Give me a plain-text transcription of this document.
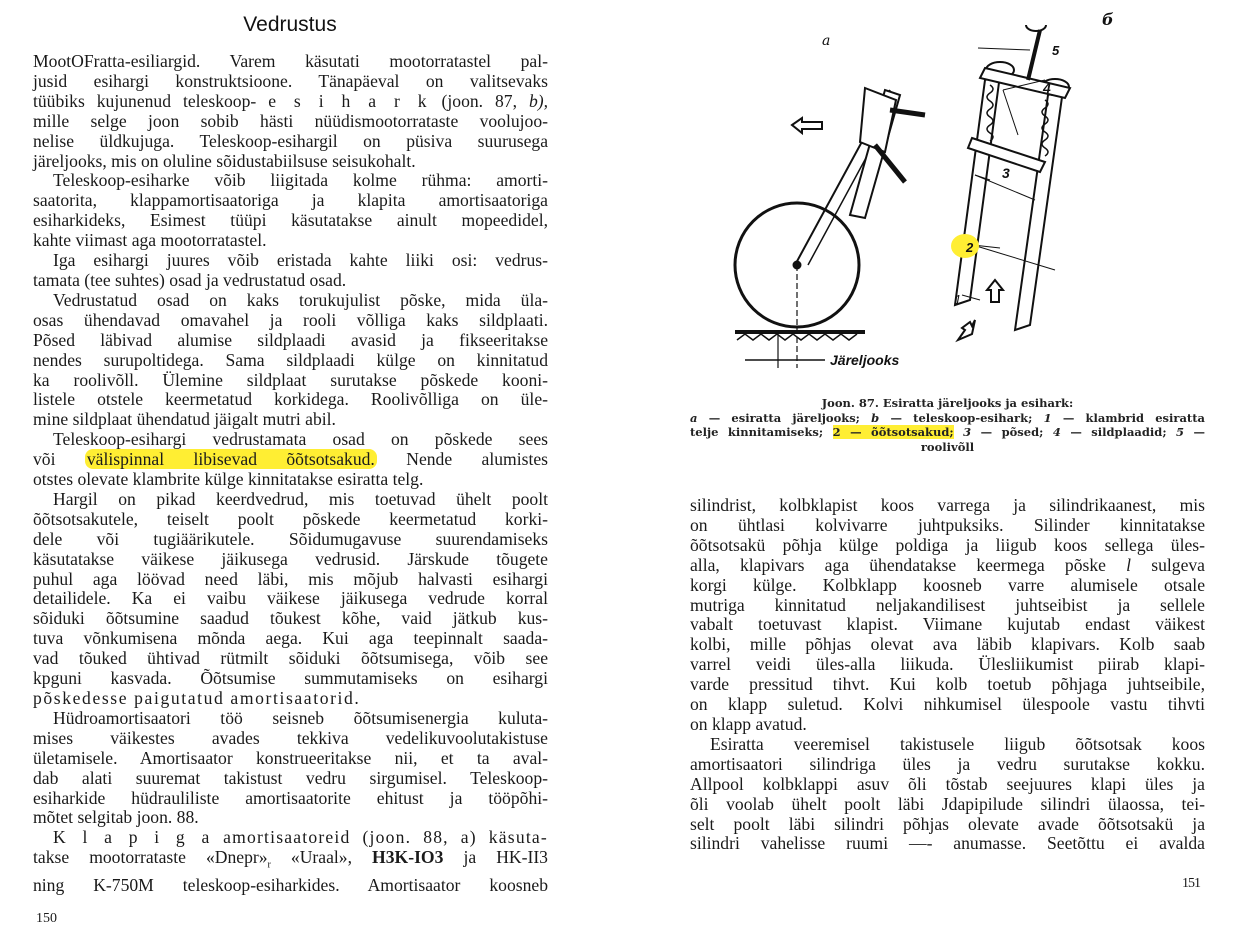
Vedrustus
MootOFratta-esiliargid. Varem käsutati mootorratastel pal-
jusid esihargi konstruktsioone. Tänapäeval on valitsevaks
tüübiks kujunenud teleskoop- e s i h a r k (joon. 87, b),
mille selge joon sobib hästi nüüdismootorrataste voolujoo-
nelise üldkujuga. Teleskoop-esihargil on püsiva suurusega
järeljooks, mis on oluline sõidustabiilsuse seisukohalt.
Teleskoop-esiharke võib liigitada kolme rühma: amorti-
saatorita, klappamortisaatoriga ja klapita amortisaatoriga
esiharkideks, Esimest tüüpi käsutatakse ainult mopeedidel,
kahte viimast aga mootorratastel.
Iga esihargi juures võib eristada kahte liiki osi: vedrus-
tamata (tee suhtes) osad ja vedrustatud osad.
Vedrustatud osad on kaks torukujulist põske, mida üla-
osas ühendavad omavahel ja rooli võlliga kaks sildplaati.
Põsed läbivad alumise sildplaadi avasid ja fikseeritakse
nendes surupoltidega. Sama sildplaadi külge on kinnitatud
ka roolivõll. Ülemine sildplaat surutakse põskede kooni-
listele otstele keermetatud korkidega. Roolivõlliga on üle-
mine sildplaat ühendatud jäigalt mutri abil.
Teleskoop-esihargi vedrustamata osad on põskede sees
või välispinnal libisevad õõtsotsakud. Nende alumistes
otstes olevate klambrite külge kinnitatakse esiratta telg.
Hargil on pikad keerdvedrud, mis toetuvad ühelt poolt
õõtsotsakutele, teiselt poolt põskede keermetatud korki-
dele või tugiäärikutele. Sõidumugavuse suurendamiseks
käsutatakse väikese jäikusega vedrusid. Järskude tõugete
puhul aga löövad need läbi, mis mõjub halvasti esihargi
detailidele. Ka ei vaibu väikese jäikusega vedrude korral
sõiduki õõtsumine saadud tõukest kõhe, vaid jätkub kus-
tuva võnkumisena mõnda aega. Kui aga teepinnalt saada-
vad tõuked ühtivad rütmilt sõiduki õõtsumisega, võib see
kpguni kasvada. Õõtsumise summutamiseks on esihargi
põskedesse paigutatud amortisaatorid.
Hüdroamortisaatori töö seisneb õõtsumisenergia kuluta-
mises väikestes avades tekkiva vedelikuvoolutakistuse
ületamisele. Amortisaator konstrueeritakse nii, et ta aval-
dab alati suuremat takistust vedru sirgumisel. Teleskoop-
esiharkide hüdrauliliste amortisaatorite ehitust ja tööpõhi-
mõtet selgitab joon. 88.
K l a p i g a amortisaatoreid (joon. 88, a) käsuta-
takse mootorrataste «$Dnepr»_r$ «Uraal», H3K-IO3 ja HK-II3
ning K-750M teleskoop-esiharkides. Amortisaator koosneb
150
a
Järeljooks
б
1
2
3
4
5
Joon. 87. Esiratta järeljooks ja esihark:
a — esiratta järeljooks; b — teleskoop-esihark; 1 — klambrid esiratta
telje kinnitamiseks; 2 — õõtsotsakud; 3 — põsed; 4 — sildplaadid; 5 —
roolivõll
silindrist, kolbklapist koos varrega ja silindrikaanest, mis
on ühtlasi kolvivarre juhtpuksiks. Silinder kinnitatakse
õõtsotsakü põhja külge poldiga ja liigub koos sellega üles-
alla, klapivars aga ühendatakse keermega põske l sulgeva
korgi külge. Kolbklapp koosneb varre alumisele otsale
mutriga kinnitatud neljakandilisest juhtseibist ja sellele
vabalt toetuvast klapist. Viimane kujutab endast väikest
kolbi, mille põhjas olevat ava läbib klapivars. Kolb saab
varrel veidi üles-alla liikuda. Ülesliikumist piirab klapi-
varde pressitud tihvt. Kui kolb toetub põhjaga juhtseibile,
on klapp suletud. Kolvi nihkumisel ülespoole vastu tihvti
on klapp avatud.
Esiratta veeremisel takistusele liigub õõtsotsak koos
amortisaatori silindriga üles ja vedru surutakse kokku.
Allpool kolbklappi asuv õli tõstab seejuures klapi üles ja
õli voolab ühelt poolt läbi Jdapipilude silindri ülaossa, tei-
selt poolt läbi silindri põhjas olevate avade õõtsotsakü ja
silindri vahelisse ruumi —- anumasse. Seetõttu ei avalda
151
